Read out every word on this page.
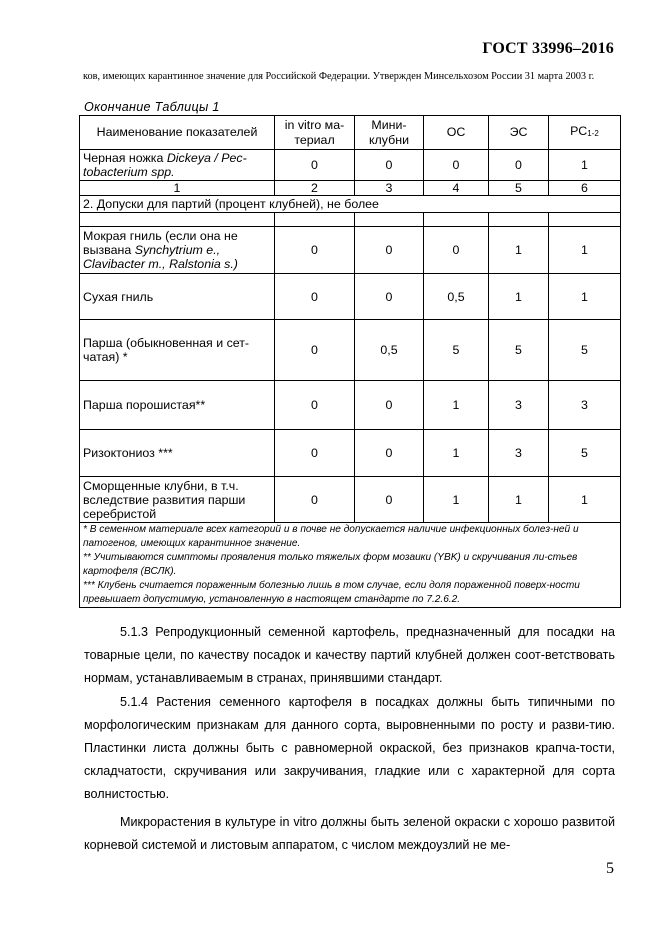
ГОСТ 33996–2016
ков, имеющих карантинное значение для Российской Федерации. Утвержден Минсельхозом России 31 марта 2003 г.
Окончание Таблицы 1
Наименование показателей	in vitro ма-териал	Мини-клубни	ОС	ЭС	$РС_{1-2}$
Черная ножка Dickeya / Pec-tobacterium spp.	0	0	0	0	1
1	2	3	4	5	6
2. Допуски для партий (процент клубней), не более					

Мокрая гниль (если она не вызвана Synchytrium e.,
Clavibacter m., Ralstonia s.)	0	0	0	1	1
Сухая гниль	0	0	0,5	1	1
Парша (обыкновенная и сет-чатая) *	0	0,5	5	5	5
Парша порошистая**	0	0	1	3	3
Ризоктониоз ***	0	0	1	3	5
Сморщенные клубни, в т.ч. вследствие развития парши серебристой	0	0	1	1	1

* В семенном материале всех категорий и в почве не допускается наличие инфекционных болез-ней и патогенов, имеющих карантинное значение.
** Учитываются симптомы проявления только тяжелых форм мозаики (YBK) и скручивания ли-стьев картофеля (ВСЛК).
*** Клубень считается пораженным болезнью лишь в том случае, если доля пораженной поверх-ности превышает допустимую, установленную в настоящем стандарте по 7.2.6.2.					

5.1.3 Репродукционный семенной картофель, предназначенный для посадки на товарные цели, по качеству посадок и качеству партий клубней должен соот-ветствовать нормам, устанавливаемым в странах, принявшими стандарт.

5.1.4 Растения семенного картофеля в посадках должны быть типичными по морфологическим признакам для данного сорта, выровненными по росту и разви-тию. Пластинки листа должны быть с равномерной окраской, без признаков крапча-тости, складчатости, скручивания или закручивания, гладкие или с характерной для сорта волнистостью.

Микрорастения в культуре in vitro должны быть зеленой окраски с хорошо развитой корневой системой и листовым аппаратом, с числом междоузлий не ме-

5
